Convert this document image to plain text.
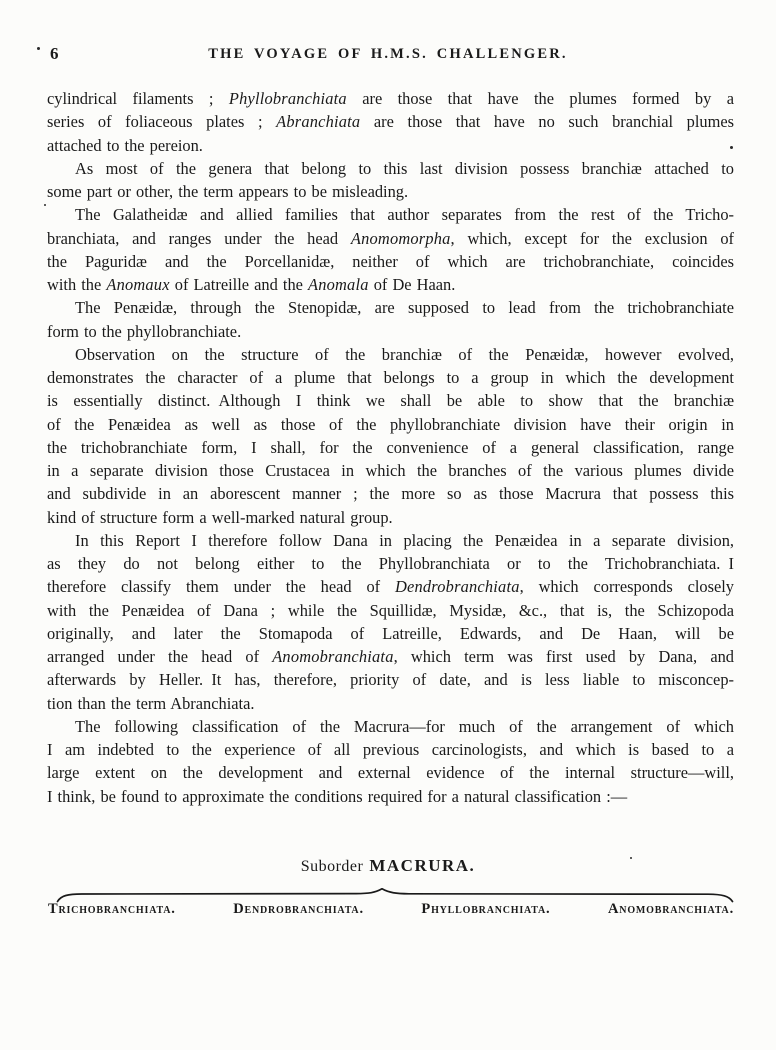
6	THE VOYAGE OF H.M.S. CHALLENGER.
cylindrical filaments ; Phyllobranchiata are those that have the plumes formed by a
series of foliaceous plates ; Abranchiata are those that have no such branchial plumes
attached to the pereion.
As most of the genera that belong to this last division possess branchiæ attached to
some part or other, the term appears to be misleading.
The Galatheidæ and allied families that author separates from the rest of the Tricho-
branchiata, and ranges under the head Anomomorpha, which, except for the exclusion of
the Paguridæ and the Porcellanidæ, neither of which are trichobranchiate, coincides
with the Anomaux of Latreille and the Anomala of De Haan.
The Penæidæ, through the Stenopidæ, are supposed to lead from the trichobranchiate
form to the phyllobranchiate.
Observation on the structure of the branchiæ of the Penæidæ, however evolved,
demonstrates the character of a plume that belongs to a group in which the development
is essentially distinct. Although I think we shall be able to show that the branchiæ
of the Penæidea as well as those of the phyllobranchiate division have their origin in
the trichobranchiate form, I shall, for the convenience of a general classification, range
in a separate division those Crustacea in which the branches of the various plumes divide
and subdivide in an aborescent manner ; the more so as those Macrura that possess this
kind of structure form a well-marked natural group.
In this Report I therefore follow Dana in placing the Penæidea in a separate division,
as they do not belong either to the Phyllobranchiata or to the Trichobranchiata. I
therefore classify them under the head of Dendrobranchiata, which corresponds closely
with the Penæidea of Dana ; while the Squillidæ, Mysidæ, &c., that is, the Schizopoda
originally, and later the Stomapoda of Latreille, Edwards, and De Haan, will be
arranged under the head of Anomobranchiata, which term was first used by Dana, and
afterwards by Heller. It has, therefore, priority of date, and is less liable to misconcep-
tion than the term Abranchiata.
The following classification of the Macrura—for much of the arrangement of which
I am indebted to the experience of all previous carcinologists, and which is based to a
large extent on the development and external evidence of the internal structure—will,
I think, be found to approximate the conditions required for a natural classification :—
Suborder MACRURA.
Trichobranchiata.	Dendrobranchiata.	Phyllobranchiata.	Anomobranchiata.
